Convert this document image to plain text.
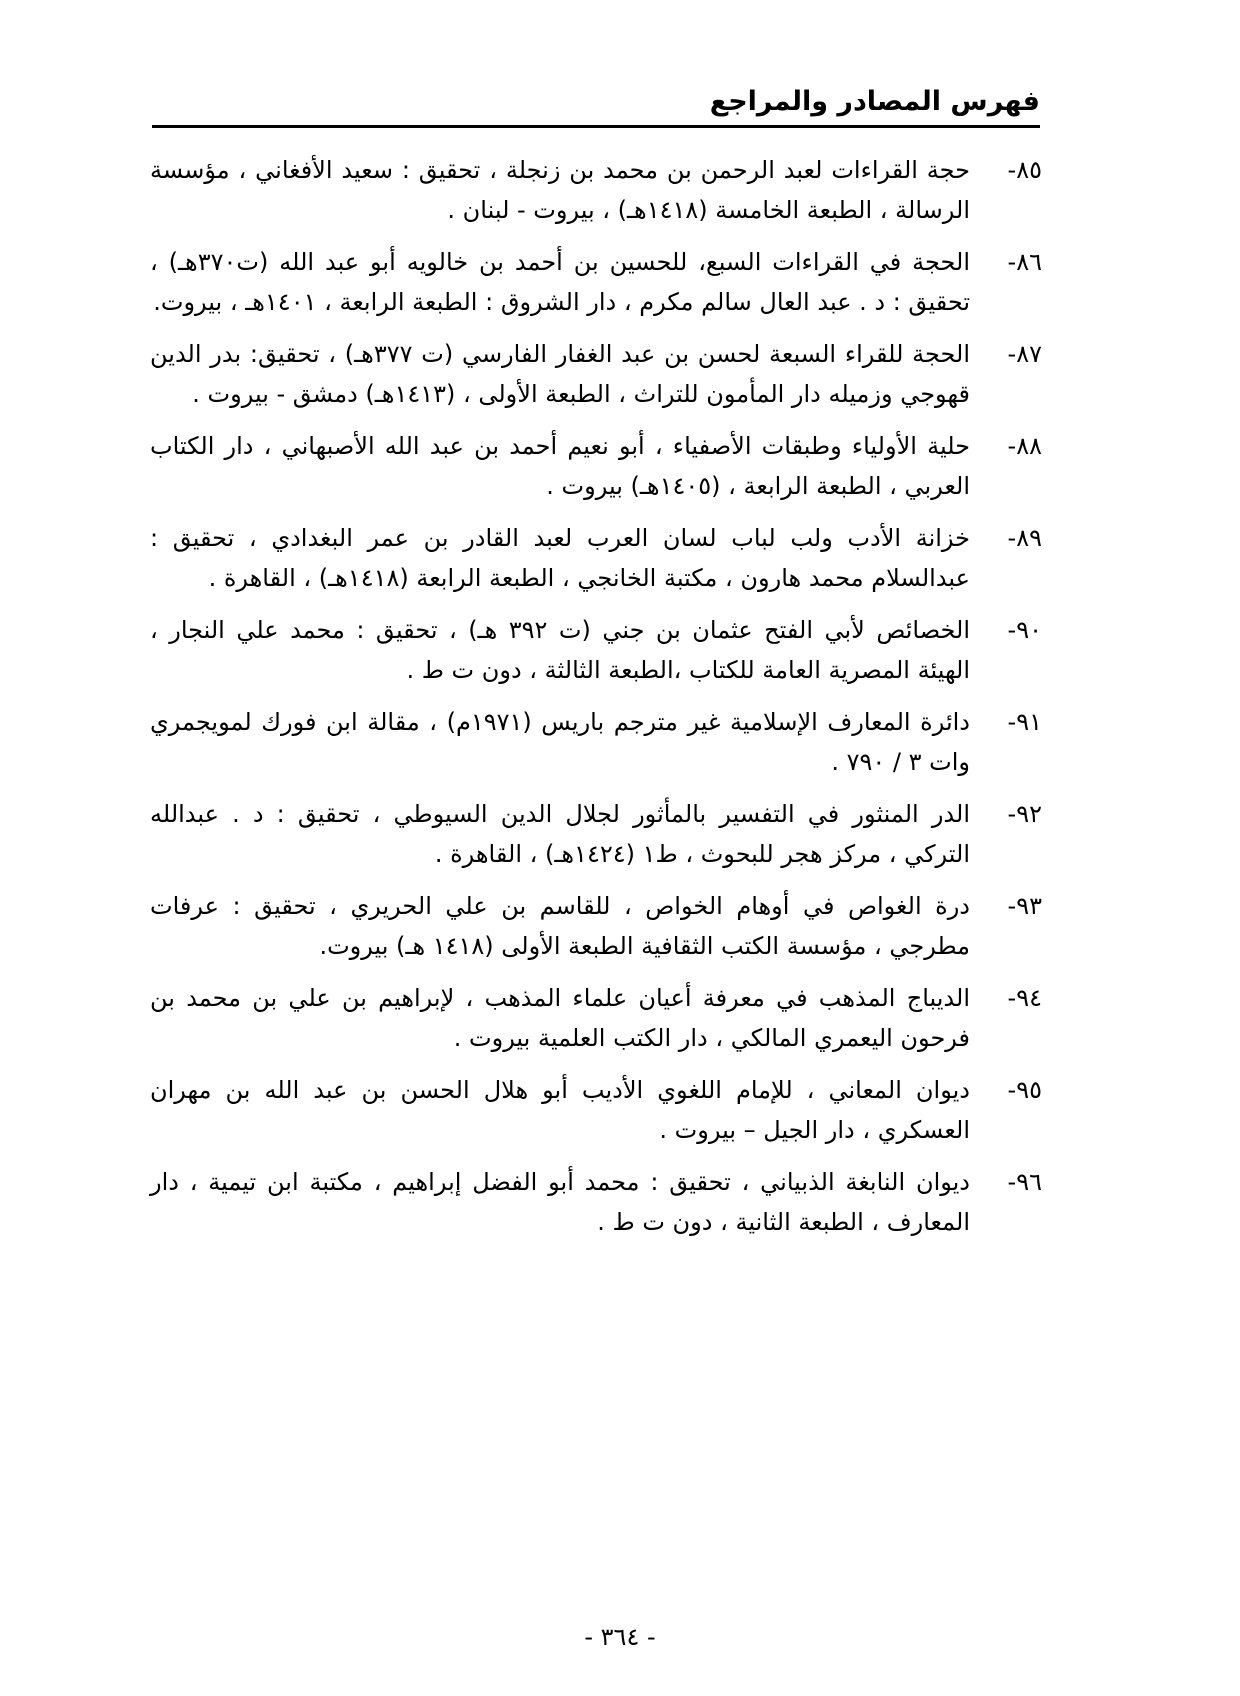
فهرس المصادر والمراجع
٨٥-
حجة القراءات لعبد الرحمن بن محمد بن زنجلة ، تحقيق : سعيد الأفغاني ، مؤسسة الرسالة ، الطبعة الخامسة (١٤١٨هـ) ، بيروت - لبنان .
٨٦-
الحجة في القراءات السبع، للحسين بن أحمد بن خالويه أبو عبد الله (ت٣٧٠هـ) ، تحقيق : د . عبد العال سالم مكرم ، دار الشروق : الطبعة الرابعة ، ١٤٠١هـ ، بيروت.
٨٧-
الحجة للقراء السبعة لحسن بن عبد الغفار الفارسي (ت ٣٧٧هـ) ، تحقيق: بدر الدين قهوجي وزميله دار المأمون للتراث ، الطبعة الأولى ، (١٤١٣هـ) دمشق - بيروت .
٨٨-
حلية الأولياء وطبقات الأصفياء ، أبو نعيم أحمد بن عبد الله الأصبهاني ، دار الكتاب العربي ، الطبعة الرابعة ، (١٤٠٥هـ) بيروت .
٨٩-
خزانة الأدب ولب لباب لسان العرب لعبد القادر بن عمر البغدادي ، تحقيق : عبدالسلام محمد هارون ، مكتبة الخانجي ، الطبعة الرابعة (١٤١٨هـ) ، القاهرة .
٩٠-
الخصائص لأبي الفتح عثمان بن جني (ت ٣٩٢ هـ) ، تحقيق : محمد علي النجار ، الهيئة المصرية العامة للكتاب ،الطبعة الثالثة ، دون ت ط .
٩١-
دائرة المعارف الإسلامية غير مترجم باريس (١٩٧١م) ، مقالة ابن فورك لمويجمري وات ٣ / ٧٩٠ .
٩٢-
الدر المنثور في التفسير بالمأثور لجلال الدين السيوطي ، تحقيق : د . عبدالله التركي ، مركز هجر للبحوث ، ط١ (١٤٢٤هـ) ، القاهرة .
٩٣-
درة الغواص في أوهام الخواص ، للقاسم بن علي الحريري ، تحقيق : عرفات مطرجي ، مؤسسة الكتب الثقافية الطبعة الأولى (١٤١٨ هـ) بيروت.
٩٤-
الديباج المذهب في معرفة أعيان علماء المذهب ، لإبراهيم بن علي بن محمد بن فرحون اليعمري المالكي ، دار الكتب العلمية بيروت .
٩٥-
ديوان المعاني ، للإمام اللغوي الأديب أبو هلال الحسن بن عبد الله بن مهران العسكري ، دار الجيل – بيروت .
٩٦-
ديوان النابغة الذبياني ، تحقيق : محمد أبو الفضل إبراهيم ، مكتبة ابن تيمية ، دار المعارف ، الطبعة الثانية ، دون ت ط .
- ٣٦٤ -
